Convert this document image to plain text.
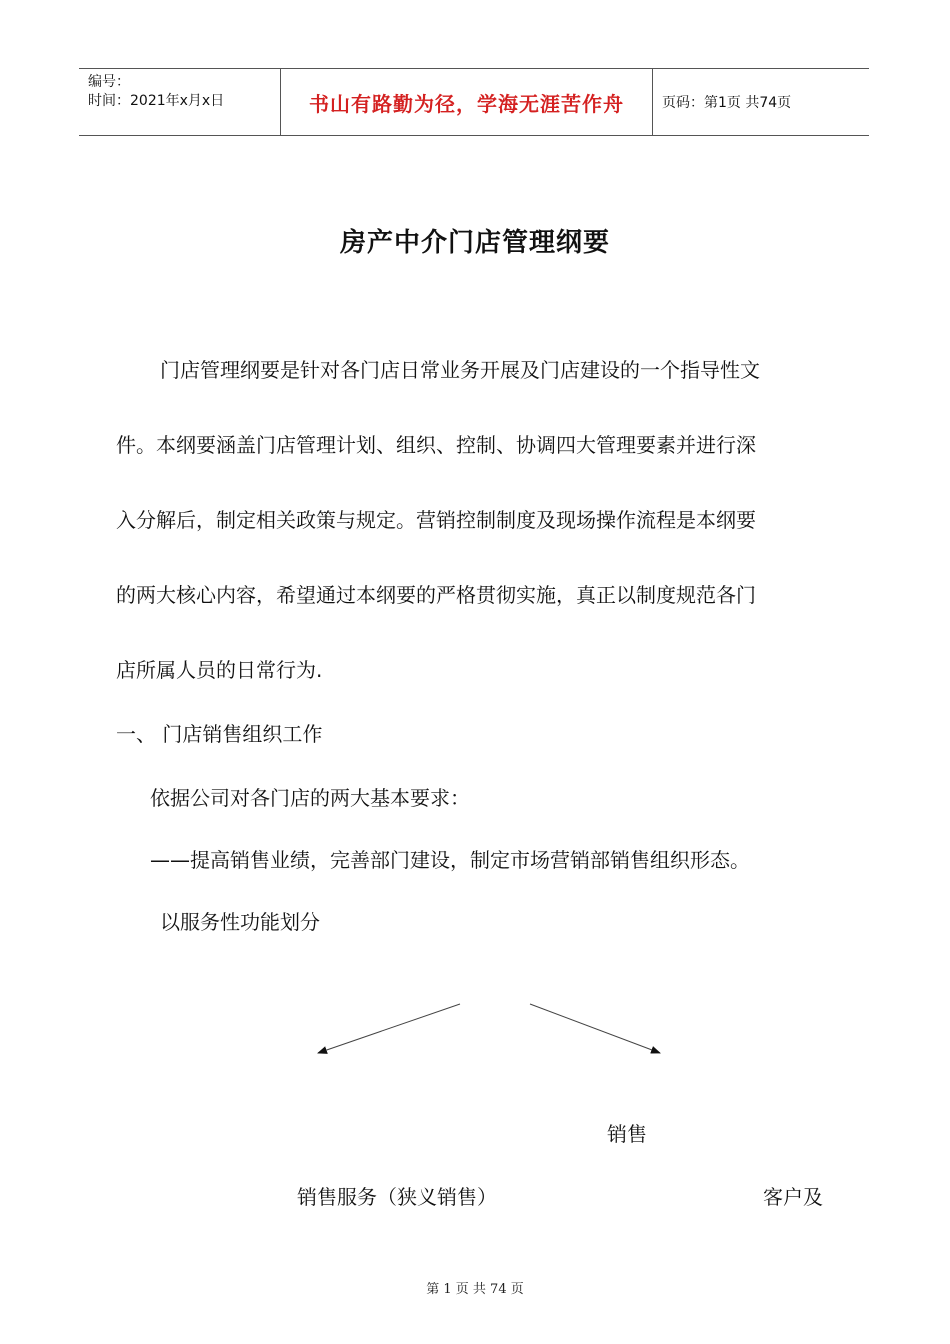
编号：
时间：2021年x月x日	书山有路勤为径，学海无涯苦作舟	页码：第1页 共74页
房产中介门店管理纲要
门店管理纲要是针对各门店日常业务开展及门店建设的一个指导性文
件。本纲要涵盖门店管理计划、组织、控制、协调四大管理要素并进行深
入分解后，制定相关政策与规定。营销控制制度及现场操作流程是本纲要
的两大核心内容，希望通过本纲要的严格贯彻实施，真正以制度规范各门
店所属人员的日常行为.
一、 门店销售组织工作
依据公司对各门店的两大基本要求：
——提高销售业绩，完善部门建设，制定市场营销部销售组织形态。
以服务性功能划分
销售
销售服务（狭义销售）	客户及
第 1 页 共 74 页
